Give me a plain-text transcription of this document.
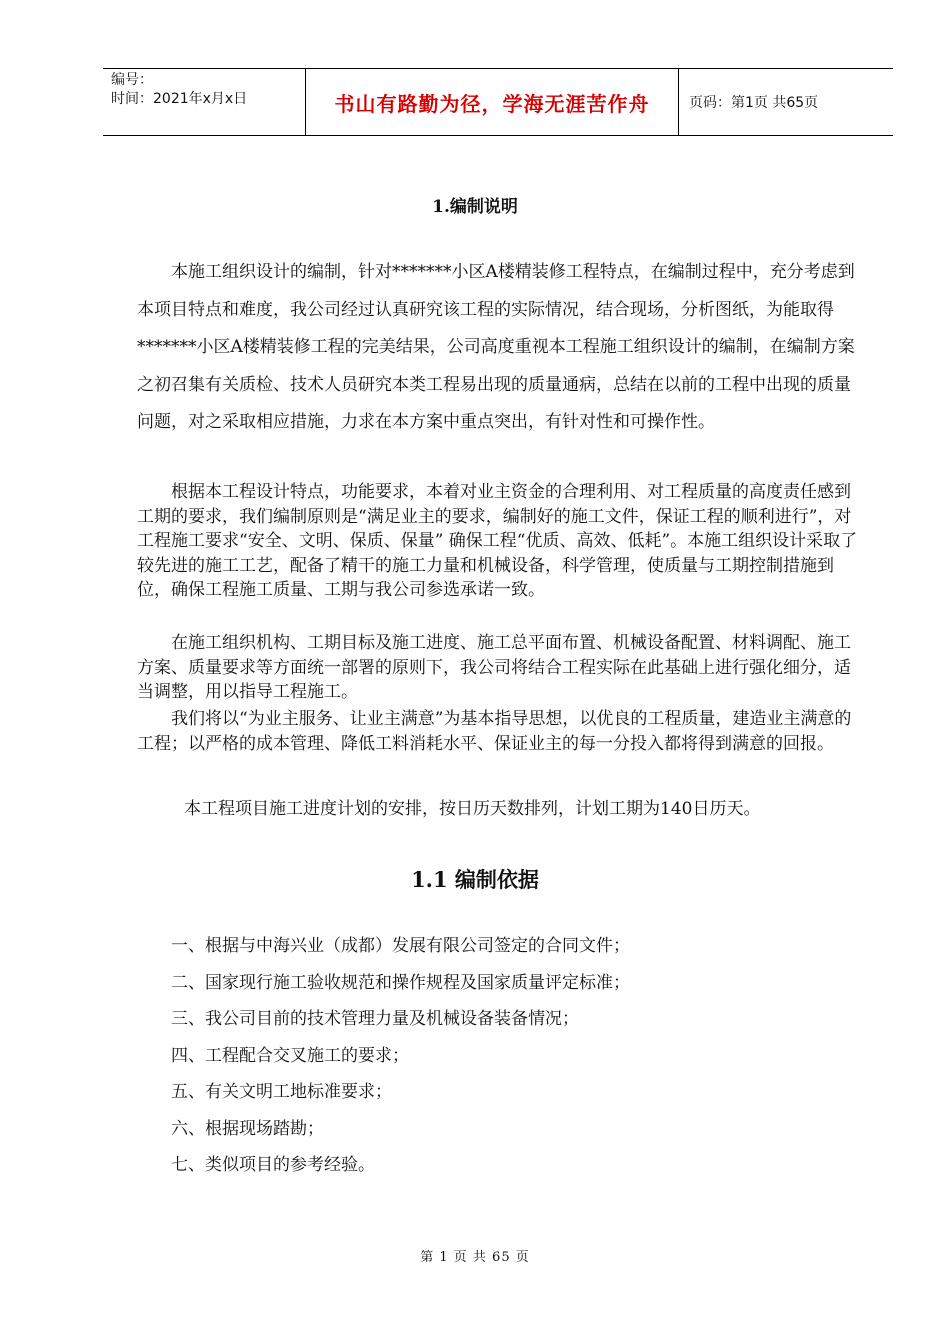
编号：
时间：2021年x月x日	书山有路勤为径，学海无涯苦作舟	页码：第1页 共65页
1.编制说明

本施工组织设计的编制，针对*******小区A楼精装修工程特点，在编制过程中，充分考虑到本项目特点和难度，我公司经过认真研究该工程的实际情况，结合现场，分析图纸，为能取得*******小区A楼精装修工程的完美结果，公司高度重视本工程施工组织设计的编制，在编制方案之初召集有关质检、技术人员研究本类工程易出现的质量通病，总结在以前的工程中出现的质量问题，对之采取相应措施，力求在本方案中重点突出，有针对性和可操作性。

根据本工程设计特点，功能要求，本着对业主资金的合理利用、对工程质量的高度责任感到工期的要求，我们编制原则是“满足业主的要求，编制好的施工文件，保证工程的顺利进行”，对工程施工要求“安全、文明、保质、保量” 确保工程“优质、高效、低耗”。本施工组织设计采取了较先进的施工工艺，配备了精干的施工力量和机械设备，科学管理，使质量与工期控制措施到位，确保工程施工质量、工期与我公司参选承诺一致。

在施工组织机构、工期目标及施工进度、施工总平面布置、机械设备配置、材料调配、施工方案、质量要求等方面统一部署的原则下，我公司将结合工程实际在此基础上进行强化细分，适当调整，用以指导工程施工。

我们将以“为业主服务、让业主满意”为基本指导思想，以优良的工程质量，建造业主满意的工程；以严格的成本管理、降低工料消耗水平、保证业主的每一分投入都将得到满意的回报。

本工程项目施工进度计划的安排，按日历天数排列，计划工期为140日历天。

1.1 编制依据
一、根据与中海兴业（成都）发展有限公司签定的合同文件；
二、国家现行施工验收规范和操作规程及国家质量评定标准；
三、我公司目前的技术管理力量及机械设备装备情况；
四、工程配合交叉施工的要求；
五、有关文明工地标准要求；
六、根据现场踏勘；
七、类似项目的参考经验。
第 1 页 共 65 页
